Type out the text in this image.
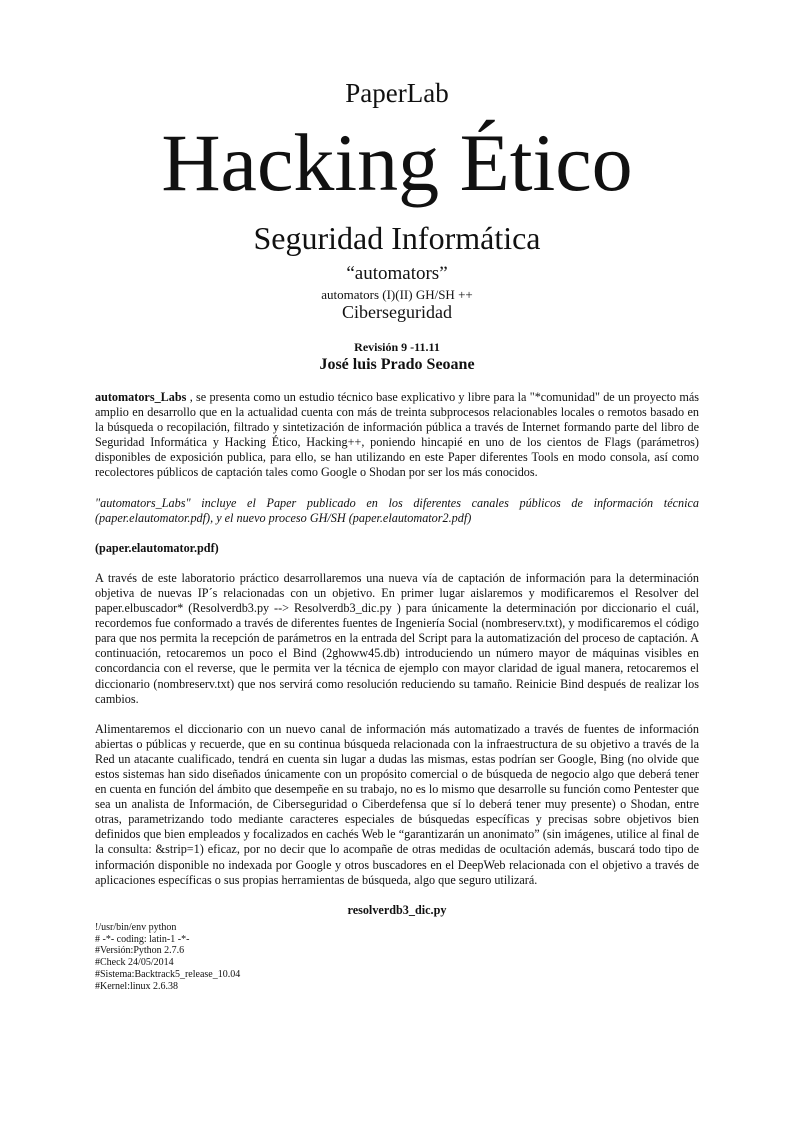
PaperLab
Hacking Ético
Seguridad Informática
“automators”
automators (I)(II) GH/SH ++
Ciberseguridad
Revisión 9 -11.11
José luis Prado Seoane

automators_Labs , se presenta como un estudio técnico base explicativo y libre para la "*comunidad" de un proyecto más amplio en desarrollo que en la actualidad cuenta con más de treinta subprocesos relacionables locales o remotos basado en la búsqueda o recopilación, filtrado y sintetización de información pública a través de Internet formando parte del libro de Seguridad Informática y Hacking Ético, Hacking++, poniendo hincapié en uno de los cientos de Flags (parámetros) disponibles de exposición publica, para ello, se han utilizando en este Paper diferentes Tools en modo consola, así como recolectores públicos de captación tales como Google o Shodan por ser los más conocidos.

"automators_Labs" incluye el Paper publicado en los diferentes canales públicos de información técnica (paper.elautomator.pdf), y el nuevo proceso GH/SH (paper.elautomator2.pdf)

(paper.elautomator.pdf)

A través de este laboratorio práctico desarrollaremos una nueva vía de captación de información para la determinación objetiva de nuevas IP´s relacionadas con un objetivo. En primer lugar aislaremos y modificaremos el Resolver del paper.elbuscador* (Resolverdb3.py --> Resolverdb3_dic.py ) para únicamente la determinación por diccionario el cuál, recordemos fue conformado a través de diferentes fuentes de Ingeniería Social (nombreserv.txt), y modificaremos el código para que nos permita la recepción de parámetros en la entrada del Script para la automatización del proceso de captación. A continuación, retocaremos un poco el Bind (2ghoww45.db) introduciendo un número mayor de máquinas visibles en concordancia con el reverse, que le permita ver la técnica de ejemplo con mayor claridad de igual manera, retocaremos el diccionario (nombreserv.txt) que nos servirá como resolución reduciendo su tamaño. Reinicie Bind después de realizar los cambios.

Alimentaremos el diccionario con un nuevo canal de información más automatizado a través de fuentes de información abiertas o públicas y recuerde, que en su continua búsqueda relacionada con la infraestructura de su objetivo a través de la Red un atacante cualificado, tendrá en cuenta sin lugar a dudas las mismas, estas podrían ser Google, Bing (no olvide que estos sistemas han sido diseñados únicamente con un propósito comercial o de búsqueda de negocio algo que deberá tener en cuenta en función del ámbito que desempeñe en su trabajo, no es lo mismo que desarrolle su función como Pentester que sea un analista de Información, de Ciberseguridad o Ciberdefensa que sí lo deberá tener muy presente) o Shodan, entre otras, parametrizando todo mediante caracteres especiales de búsquedas específicas y precisas sobre objetivos bien definidos que bien empleados y focalizados en cachés Web le “garantizarán un anonimato” (sin imágenes, utilice al final de la consulta: &strip=1) eficaz, por no decir que lo acompañe de otras medidas de ocultación además, buscará todo tipo de información disponible no indexada por Google y otros buscadores en el DeepWeb relacionada con el objetivo a través de aplicaciones específicas o sus propias herramientas de búsqueda, algo que seguro utilizará.

resolverdb3_dic.py

!/usr/bin/env python
# -*- coding: latin-1 -*-
#Versión:Python 2.7.6
#Check 24/05/2014
#Sistema:Backtrack5_release_10.04
#Kernel:linux 2.6.38
